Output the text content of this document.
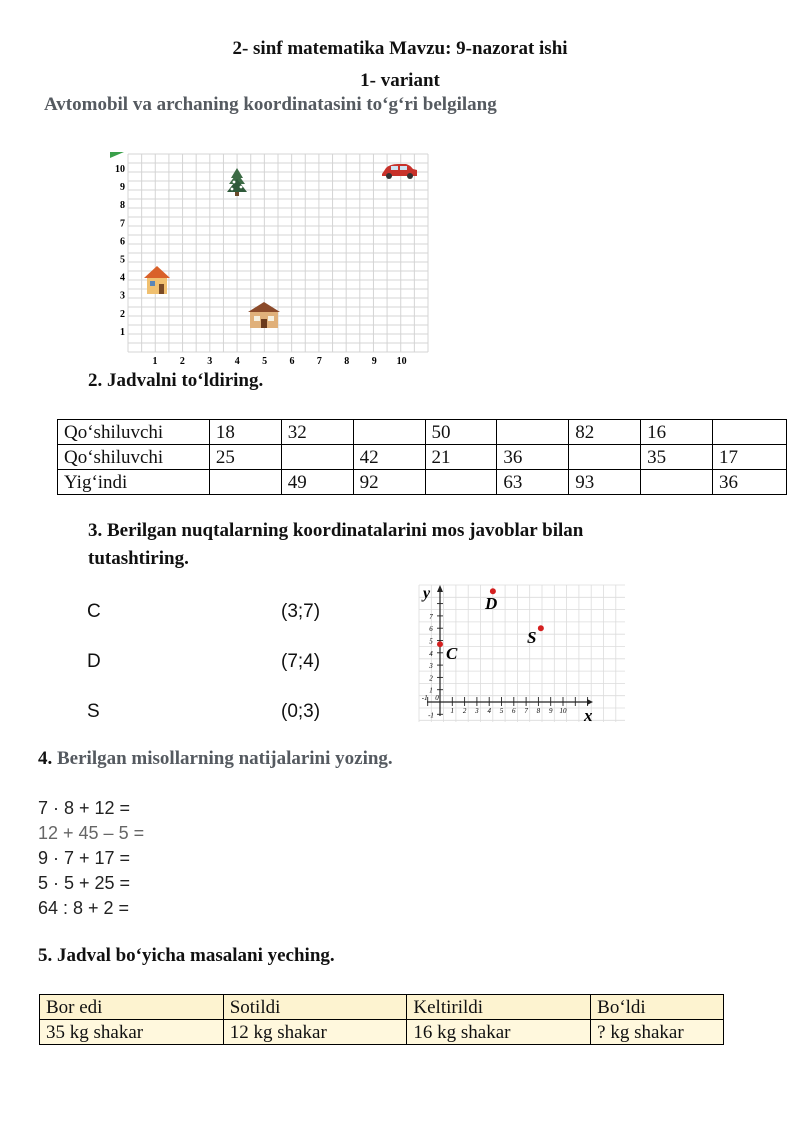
2- sinf matematika Mavzu: 9-nazorat ishi
1- variant
Avtomobil va archaning koordinatasini to‘g‘ri belgilang
10
9
8
7
6
5
4
3
2
1
1 2 3 4 5 6 7 8 9 10
2. Jadvalni to‘ldiring.
Qo‘shiluvchi	18	32		50		82	16	
Qo‘shiluvchi	25		42	21	36		35	17
Yig‘indi		49	92		63	93		36
3. Berilgan nuqtalarning koordinatalarini mos javoblar bilan
tutashtiring.
C
D
S
(3;7)
(7;4)
(0;3)
y
x
-1 0
1 2 3 4 5 6 7 8 9 10
-1
1
2
3
4
5
6
7
C
D
S
4. Berilgan misollarning natijalarini yozing.
7 · 8 + 12 =
12 + 45 – 5 =
9 · 7 + 17 =
5 · 5 + 25 =
64 : 8 + 2 =
5. Jadval bo‘yicha masalani yeching.
Bor edi	Sotildi	Keltirildi	Bo‘ldi
35 kg shakar	12 kg shakar	16 kg shakar	? kg shakar
